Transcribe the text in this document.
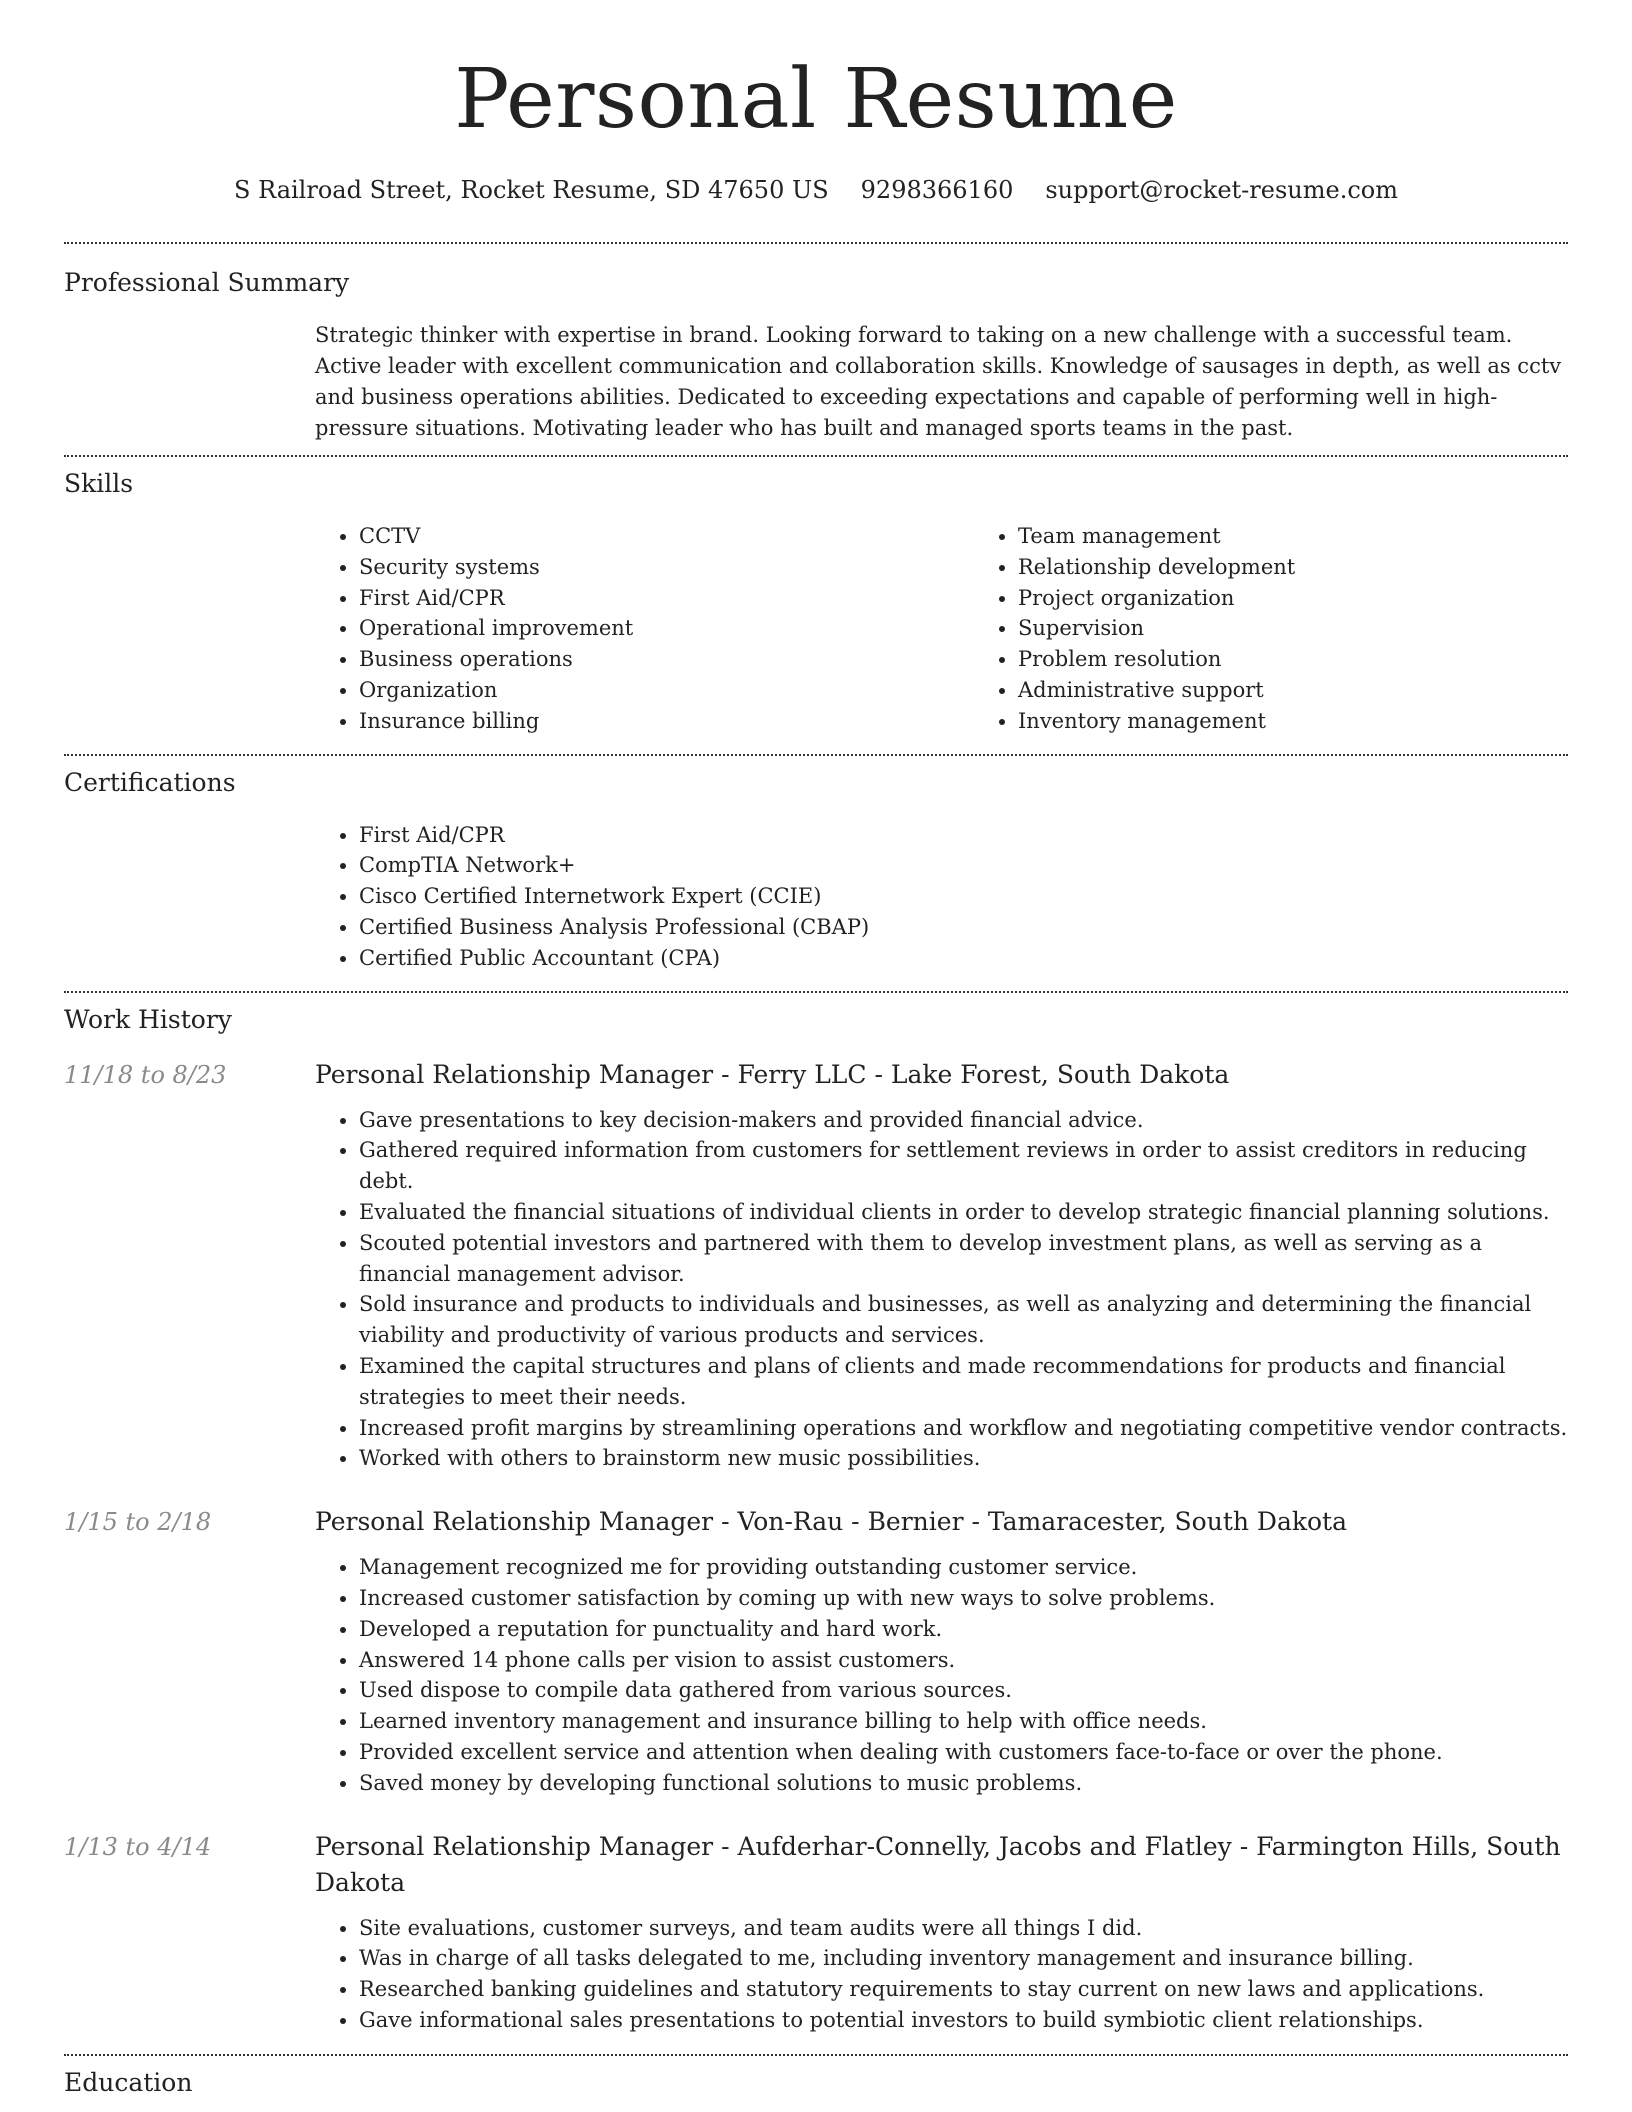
Personal Resume
S Railroad Street, Rocket Resume, SD 47650 US 9298366160 support@rocket-resume.com
Professional Summary

Strategic thinker with expertise in brand. Looking forward to taking on a new challenge with a successful team. Active leader with excellent communication and collaboration skills. Knowledge of sausages in depth, as well as cctv and business operations abilities. Dedicated to exceeding expectations and capable of performing well in high-pressure situations. Motivating leader who has built and managed sports teams in the past.

Skills
• CCTV
• Security systems
• First Aid/CPR
• Operational improvement
• Business operations
• Organization
• Insurance billing
• Team management
• Relationship development
• Project organization
• Supervision
• Problem resolution
• Administrative support
• Inventory management
Certifications
• First Aid/CPR
• CompTIA Network+
• Cisco Certified Internetwork Expert (CCIE)
• Certified Business Analysis Professional (CBAP)
• Certified Public Accountant (CPA)
Work History
11/18 to 8/23	Personal Relationship Manager - Ferry LLC - Lake Forest, South Dakota
• Gave presentations to key decision-makers and provided financial advice.
• Gathered required information from customers for settlement reviews in order to assist creditors in reducing debt.
• Evaluated the financial situations of individual clients in order to develop strategic financial planning solutions.
• Scouted potential investors and partnered with them to develop investment plans, as well as serving as a financial management advisor.
• Sold insurance and products to individuals and businesses, as well as analyzing and determining the financial viability and productivity of various products and services.
• Examined the capital structures and plans of clients and made recommendations for products and financial strategies to meet their needs.
• Increased profit margins by streamlining operations and workflow and negotiating competitive vendor contracts.
• Worked with others to brainstorm new music possibilities.
1/15 to 2/18	Personal Relationship Manager - Von-Rau - Bernier - Tamaracester, South Dakota
• Management recognized me for providing outstanding customer service.
• Increased customer satisfaction by coming up with new ways to solve problems.
• Developed a reputation for punctuality and hard work.
• Answered 14 phone calls per vision to assist customers.
• Used dispose to compile data gathered from various sources.
• Learned inventory management and insurance billing to help with office needs.
• Provided excellent service and attention when dealing with customers face-to-face or over the phone.
• Saved money by developing functional solutions to music problems.
1/13 to 4/14	Personal Relationship Manager - Aufderhar-Connelly, Jacobs and Flatley - Farmington Hills, South Dakota
• Site evaluations, customer surveys, and team audits were all things I did.
• Was in charge of all tasks delegated to me, including inventory management and insurance billing.
• Researched banking guidelines and statutory requirements to stay current on new laws and applications.
• Gave informational sales presentations to potential investors to build symbiotic client relationships.
Education
